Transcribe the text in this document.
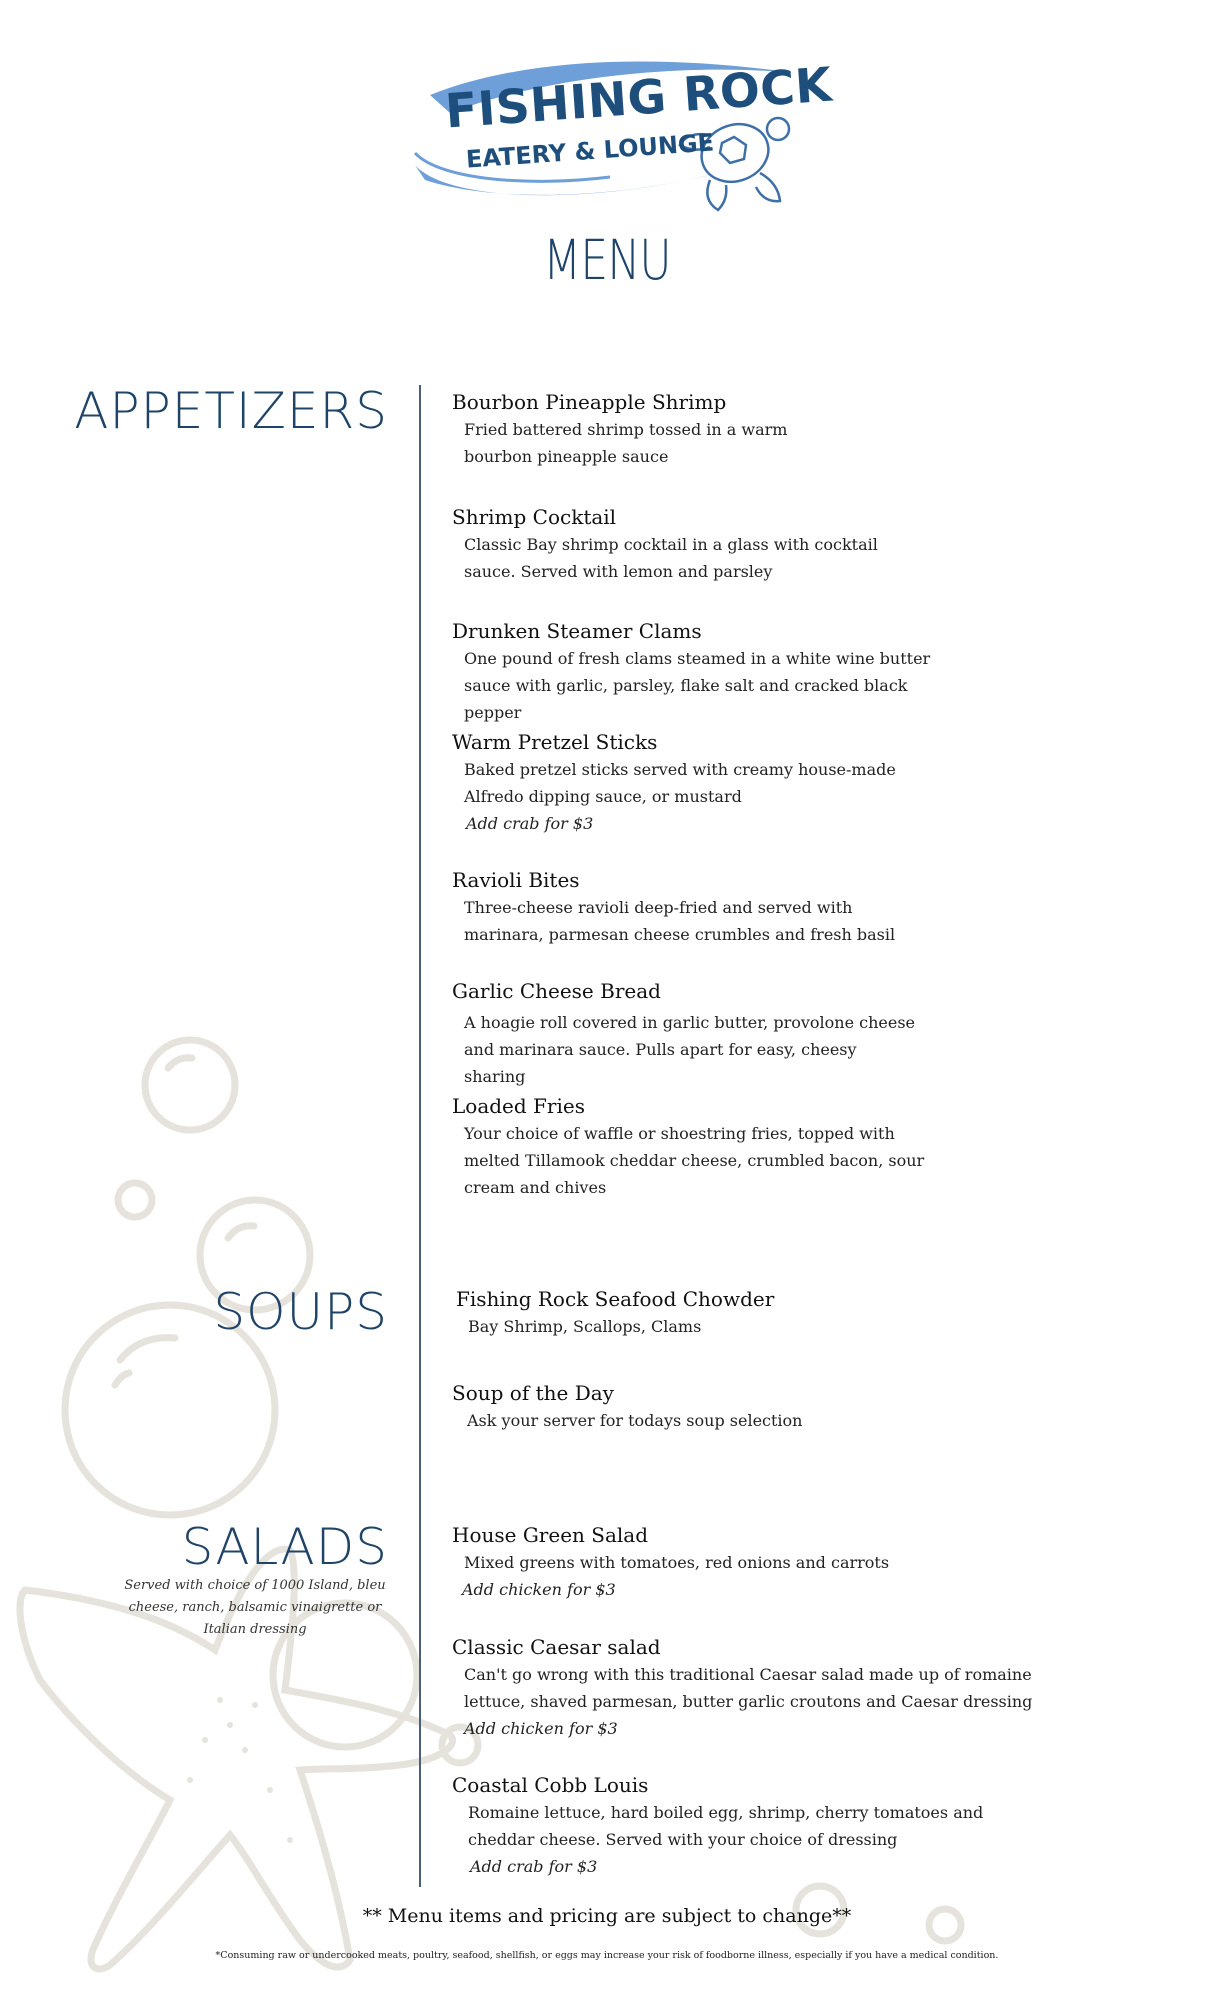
FISHING ROCK
EATERY & LOUNGE
MENU
APPETIZERS
SOUPS
SALADS
Served with choice of 1000 Island, bleu cheese, ranch, balsamic vinaigrette or Italian dressing
Bourbon Pineapple Shrimp
Fried battered shrimp tossed in a warm
bourbon pineapple sauce
Shrimp Cocktail
Classic Bay shrimp cocktail in a glass with cocktail
sauce. Served with lemon and parsley
Drunken Steamer Clams
One pound of fresh clams steamed in a white wine butter
sauce with garlic, parsley, flake salt and cracked black
pepper
Warm Pretzel Sticks
Baked pretzel sticks served with creamy house-made
Alfredo dipping sauce, or mustard
Add crab for $3
Ravioli Bites
Three-cheese ravioli deep-fried and served with
marinara, parmesan cheese crumbles and fresh basil
Garlic Cheese Bread
A hoagie roll covered in garlic butter, provolone cheese
and marinara sauce. Pulls apart for easy, cheesy
sharing
Loaded Fries
Your choice of waffle or shoestring fries, topped with
melted Tillamook cheddar cheese, crumbled bacon, sour
cream and chives
Fishing Rock Seafood Chowder
Bay Shrimp, Scallops, Clams
Soup of the Day
Ask your server for todays soup selection
House Green Salad
Mixed greens with tomatoes, red onions and carrots
Add chicken for $3
Classic Caesar salad
Can't go wrong with this traditional Caesar salad made up of romaine
lettuce, shaved parmesan, butter garlic croutons and Caesar dressing
Add chicken for $3
Coastal Cobb Louis
Romaine lettuce, hard boiled egg, shrimp, cherry tomatoes and
cheddar cheese. Served with your choice of dressing
Add crab for $3
** Menu items and pricing are subject to change**
*Consuming raw or undercooked meats, poultry, seafood, shellfish, or eggs may increase your risk of foodborne illness, especially if you have a medical condition.
